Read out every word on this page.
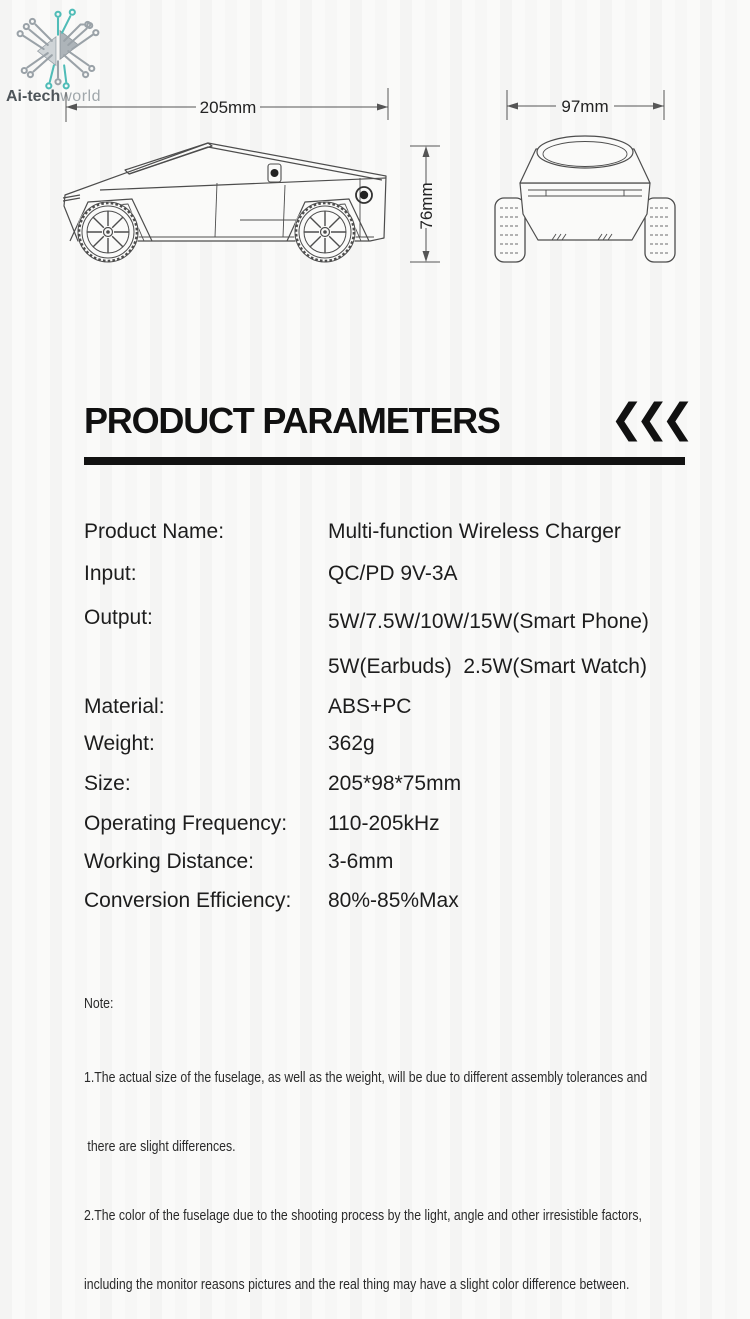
Ai-techworld
205mm
76mm
97mm
PRODUCT PARAMETERS	❮❮❮
Product Name:	Multi-function Wireless Charger
Input:	QC/PD 9V-3A
Output:	5W/7.5W/10W/15W(Smart Phone)
5W(Earbuds)  2.5W(Smart Watch)
Material:	ABS+PC
Weight:	362g
Size:	205*98*75mm
Operating Frequency: 110-205kHz
Working Distance:	3-6mm
Conversion Efficiency: 80%-85%Max

Note:

1.The actual size of the fuselage, as well as the weight, will be due to different assembly tolerances and

there are slight differences.

2.The color of the fuselage due to the shooting process by the light, angle and other irresistible factors,

including the monitor reasons pictures and the real thing may have a slight color difference between.
